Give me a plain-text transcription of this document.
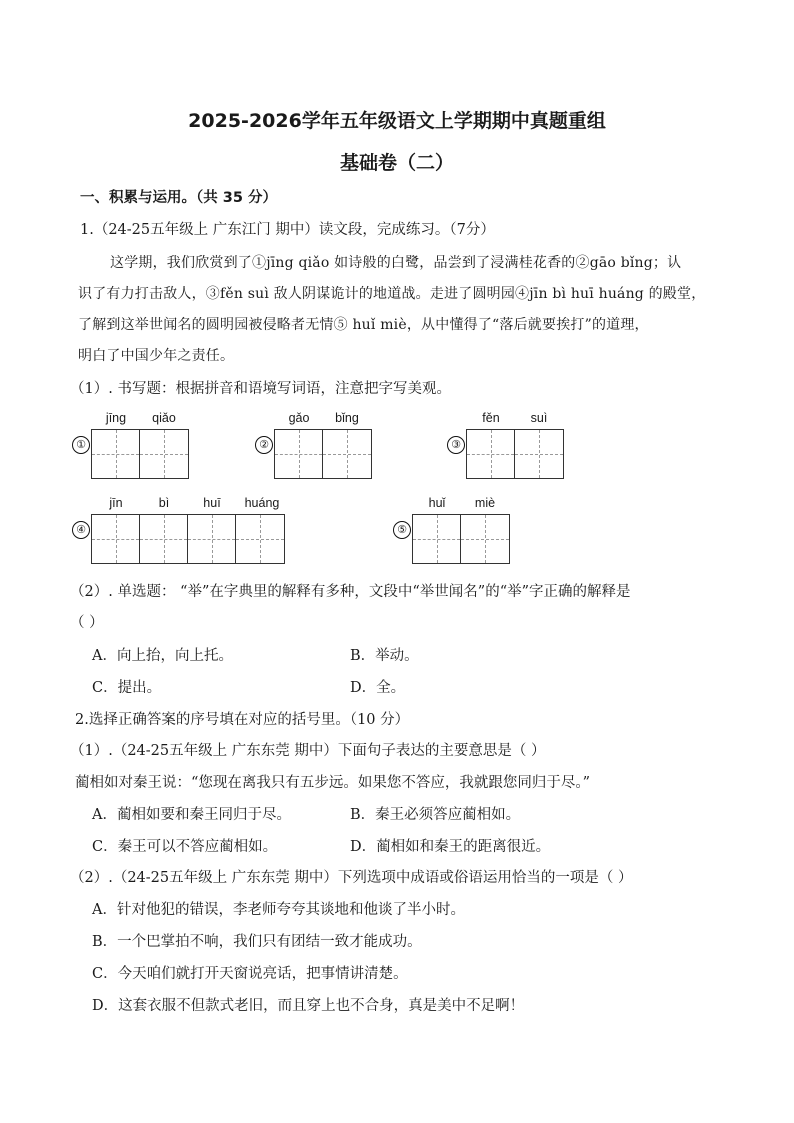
2025-2026学年五年级语文上学期期中真题重组
基础卷（二）
一、积累与运用。（共 35 分）
1.（24-25五年级上 广东江门 期中）读文段，完成练习。（7分）
这学期，我们欣赏到了①jīng qiǎo 如诗般的白鹭，品尝到了浸满桂花香的②gāo bǐng；认
识了有力打击敌人，③fěn suì 敌人阴谋诡计的地道战。走进了圆明园④jīn bì huī huáng 的殿堂，
了解到这举世闻名的圆明园被侵略者无情⑤ huǐ miè，从中懂得了“落后就要挨打”的道理，
明白了中国少年之责任。
（1）. 书写题：根据拼音和语境写词语，注意把字写美观。
①
jīng	qiǎo
②
gǎo	bǐng
③
fěn	suì
④
jīn	bì	huī	huáng
⑤
huǐ	miè
（2）. 单选题： “举”在字典里的解释有多种，文段中“举世闻名”的“举”字正确的解释是
（ ）
A．向上抬，向上托。	B．举动。
C．提出。	D．全。
2.选择正确答案的序号填在对应的括号里。（10 分）
（1）.（24-25五年级上 广东东莞 期中）下面句子表达的主要意思是（ ）
蔺相如对秦王说：“您现在离我只有五步远。如果您不答应，我就跟您同归于尽。”
A．蔺相如要和秦王同归于尽。	B．秦王必须答应蔺相如。
C．秦王可以不答应蔺相如。	D．蔺相如和秦王的距离很近。
（2）.（24-25五年级上 广东东莞 期中）下列选项中成语或俗语运用恰当的一项是（ ）
A．针对他犯的错误，李老师夸夸其谈地和他谈了半小时。
B．一个巴掌拍不响，我们只有团结一致才能成功。
C．今天咱们就打开天窗说亮话，把事情讲清楚。
D．这套衣服不但款式老旧，而且穿上也不合身，真是美中不足啊！
